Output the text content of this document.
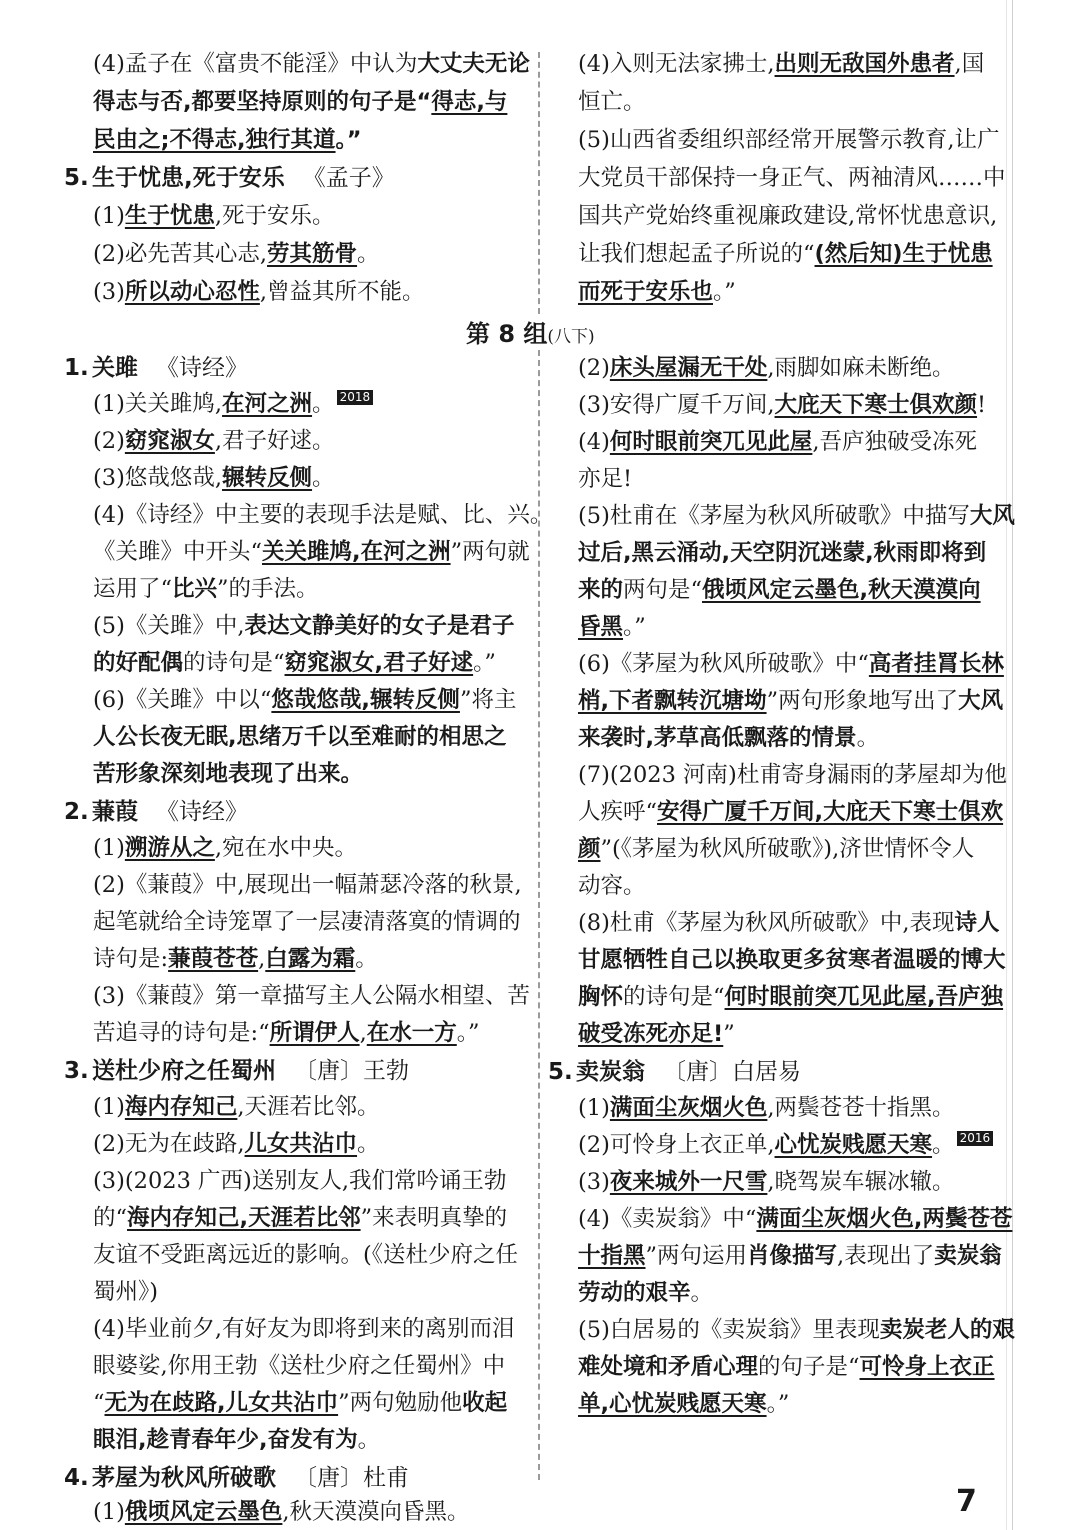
(4)孟子在《富贵不能淫》中认为大丈夫无论
得志与否,都要坚持原则的句子是“得志,与
民由之;不得志,独行其道。”
5. 生于忧患,死于安乐 《孟子》
(1)生于忧患,死于安乐。
(2)必先苦其心志,劳其筋骨。
(3)所以动心忍性,曾益其所不能。
(4)入则无法家拂士,出则无敌国外患者,国
恒亡。
(5)山西省委组织部经常开展警示教育,让广
大党员干部保持一身正气、两袖清风……中
国共产党始终重视廉政建设,常怀忧患意识,
让我们想起孟子所说的“(然后知)生于忧患
而死于安乐也。”
第 8 组(八下)
1. 关雎 《诗经》
(1)关关雎鸠,在河之洲。 2018
(2)窈窕淑女,君子好逑。
(3)悠哉悠哉,辗转反侧。
(4)《诗经》中主要的表现手法是赋、比、兴。
《关雎》中开头“关关雎鸠,在河之洲”两句就
运用了“比兴”的手法。
(5)《关雎》中,表达文静美好的女子是君子
的好配偶的诗句是“窈窕淑女,君子好逑。”
(6)《关雎》中以“悠哉悠哉,辗转反侧”将主
人公长夜无眠,思绪万千以至难耐的相思之
苦形象深刻地表现了出来。
2. 蒹葭 《诗经》
(1)溯游从之,宛在水中央。
(2)《蒹葭》中,展现出一幅萧瑟冷落的秋景,
起笔就给全诗笼罩了一层凄清落寞的情调的
诗句是:蒹葭苍苍,白露为霜。
(3)《蒹葭》第一章描写主人公隔水相望、苦
苦追寻的诗句是:“所谓伊人,在水一方。”
3. 送杜少府之任蜀州 〔唐〕王勃
(1)海内存知己,天涯若比邻。
(2)无为在歧路,儿女共沾巾。
(3)(2023 广西)送别友人,我们常吟诵王勃
的“海内存知己,天涯若比邻”来表明真挚的
友谊不受距离远近的影响。(《送杜少府之任
蜀州》)
(4)毕业前夕,有好友为即将到来的离别而泪
眼婆娑,你用王勃《送杜少府之任蜀州》中
“无为在歧路,儿女共沾巾”两句勉励他收起
眼泪,趁青春年少,奋发有为。
4. 茅屋为秋风所破歌 〔唐〕杜甫
(1)俄顷风定云墨色,秋天漠漠向昏黑。
(2)床头屋漏无干处,雨脚如麻未断绝。
(3)安得广厦千万间,大庇天下寒士俱欢颜!
(4)何时眼前突兀见此屋,吾庐独破受冻死
亦足!
(5)杜甫在《茅屋为秋风所破歌》中描写大风
过后,黑云涌动,天空阴沉迷蒙,秋雨即将到
来的两句是“俄顷风定云墨色,秋天漠漠向
昏黑。”
(6)《茅屋为秋风所破歌》中“高者挂罥长林
梢,下者飘转沉塘坳”两句形象地写出了大风
来袭时,茅草高低飘落的情景。
(7)(2023 河南)杜甫寄身漏雨的茅屋却为他
人疾呼“安得广厦千万间,大庇天下寒士俱欢
颜”(《茅屋为秋风所破歌》),济世情怀令人
动容。
(8)杜甫《茅屋为秋风所破歌》中,表现诗人
甘愿牺牲自己以换取更多贫寒者温暖的博大
胸怀的诗句是“何时眼前突兀见此屋,吾庐独
破受冻死亦足!”
5. 卖炭翁 〔唐〕白居易
(1)满面尘灰烟火色,两鬓苍苍十指黑。
(2)可怜身上衣正单,心忧炭贱愿天寒。 2016
(3)夜来城外一尺雪,晓驾炭车辗冰辙。
(4)《卖炭翁》中“满面尘灰烟火色,两鬓苍苍
十指黑”两句运用肖像描写,表现出了卖炭翁
劳动的艰辛。
(5)白居易的《卖炭翁》里表现卖炭老人的艰
难处境和矛盾心理的句子是“可怜身上衣正
单,心忧炭贱愿天寒。”
7
